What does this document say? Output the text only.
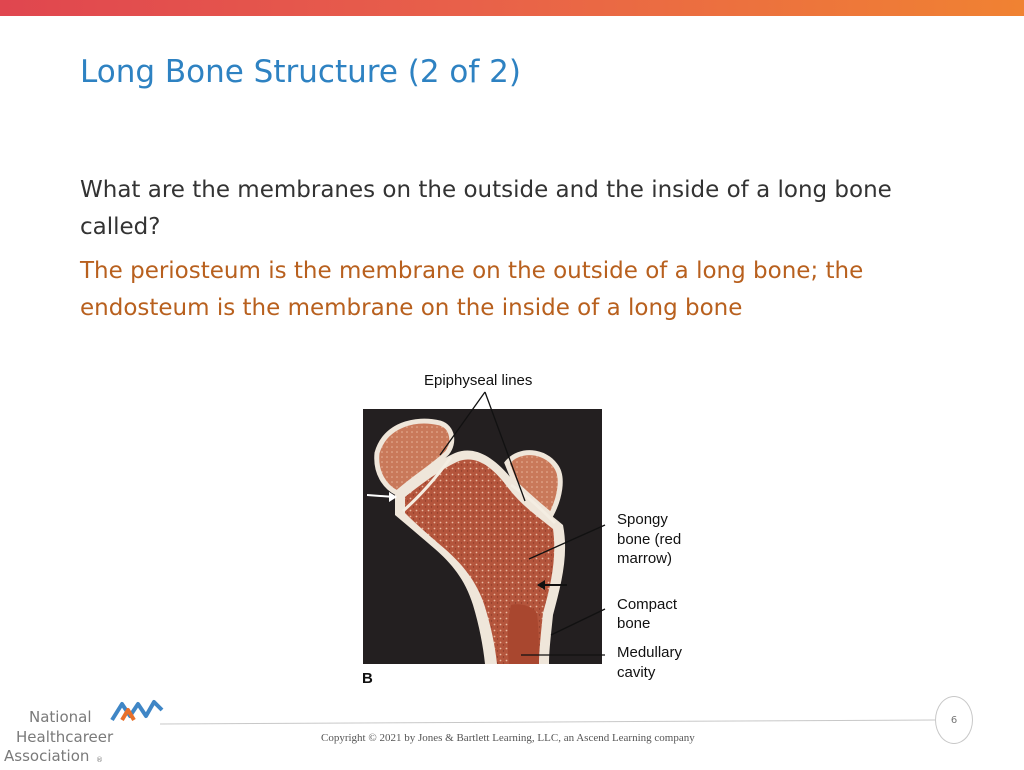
Long Bone Structure (2 of 2)

What are the membranes on the outside and the inside of a long bone called?

The periosteum is the membrane on the outside of a long bone; the endosteum is the membrane on the inside of a long bone

Epiphyseal lines

Spongy

bone (red

marrow)

Compact

bone

Medullary

cavity

B

6
Copyright © 2021 by Jones & Bartlett Learning, LLC, an Ascend Learning company

National

Healthcareer

Association ®
